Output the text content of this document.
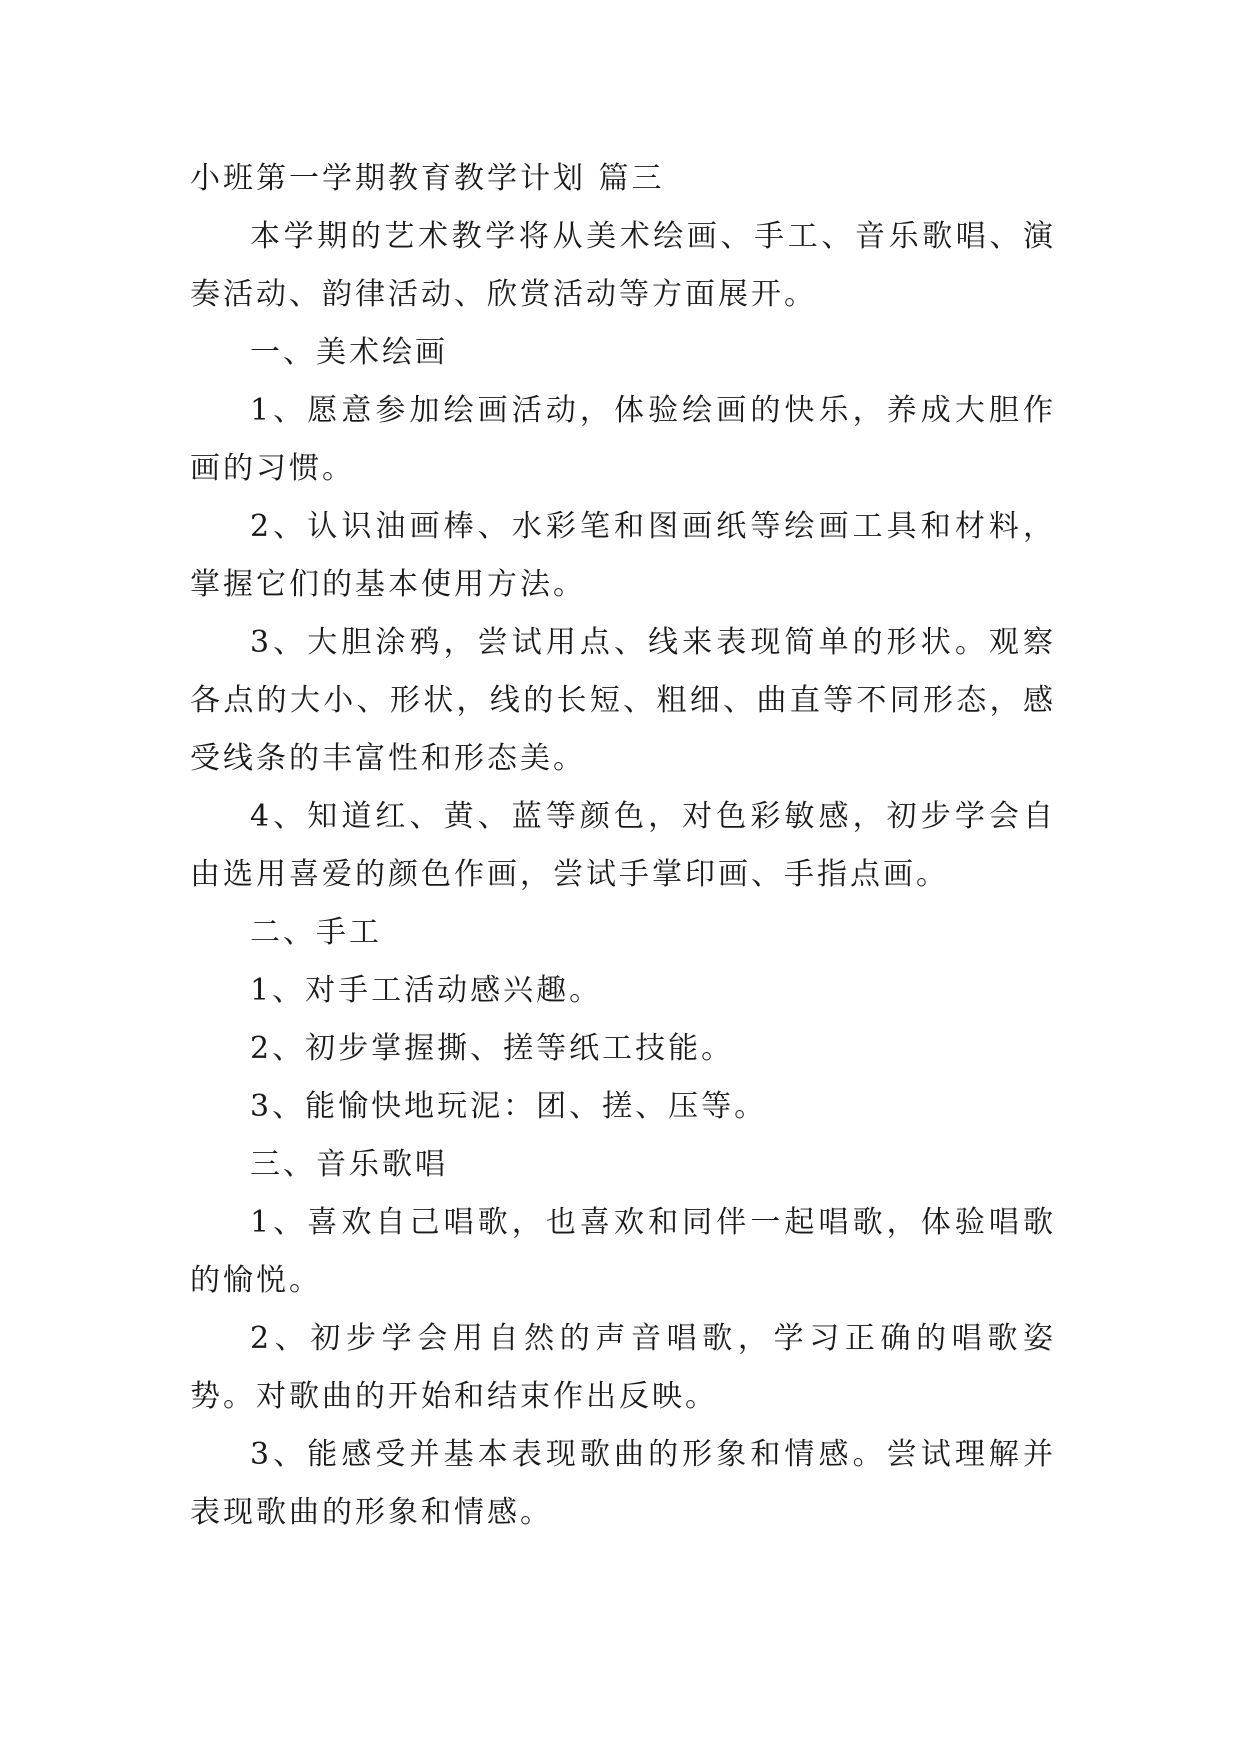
小班第一学期教育教学计划 篇三

本学期的艺术教学将从美术绘画、手工、音乐歌唱、演奏活动、韵律活动、欣赏活动等方面展开。

一、美术绘画

1、愿意参加绘画活动，体验绘画的快乐，养成大胆作画的习惯。

2、认识油画棒、水彩笔和图画纸等绘画工具和材料，掌握它们的基本使用方法。

3、大胆涂鸦，尝试用点、线来表现简单的形状。观察各点的大小、形状，线的长短、粗细、曲直等不同形态，感受线条的丰富性和形态美。

4、知道红、黄、蓝等颜色，对色彩敏感，初步学会自由选用喜爱的颜色作画，尝试手掌印画、手指点画。

二、手工

1、对手工活动感兴趣。

2、初步掌握撕、搓等纸工技能。

3、能愉快地玩泥：团、搓、压等。

三、音乐歌唱

1、喜欢自己唱歌，也喜欢和同伴一起唱歌，体验唱歌的愉悦。

2、初步学会用自然的声音唱歌，学习正确的唱歌姿势。对歌曲的开始和结束作出反映。

3、能感受并基本表现歌曲的形象和情感。尝试理解并表现歌曲的形象和情感。
